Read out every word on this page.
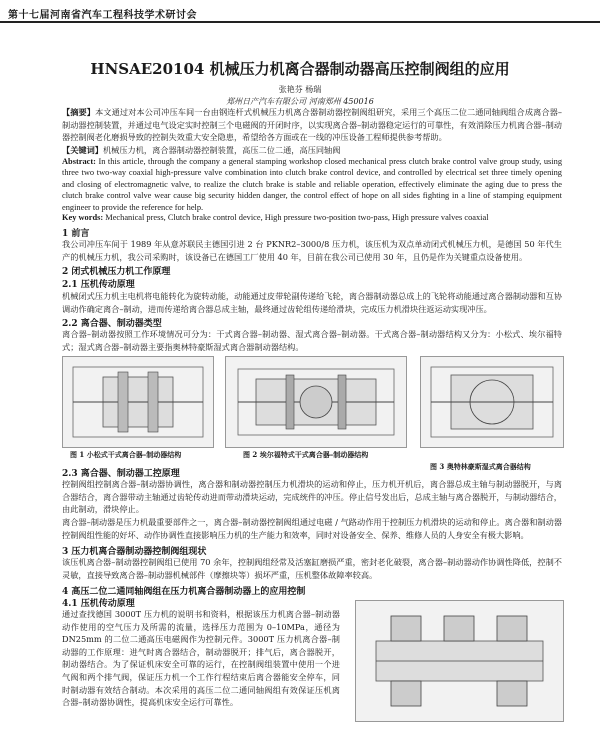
第十七届河南省汽车工程科技学术研讨会
HNSAE20104 机械压力机离合器制动器高压控制阀组的应用
张艳芬 杨瑞
郑州日产汽车有限公司 河南郑州 450016
【摘要】本文通过对本公司冲压车间一台由钢连杆式机械压力机离合器制动器控制阀组研究，采用三个高压二位二通同轴阀组合成离合器–制动器控制装置，并通过电气设定实时控制三个电磁阀的开闭时序，以实现离合器–制动器稳定运行的可靠性，有效消除压力机离合器–制动器控制阀老化磨损导致的控制失效重大安全隐患，希望给各方面或在一线的冲压设备工程师提供参考帮助。
【关键词】机械压力机，离合器制动器控制装置，高压二位二通，高压同轴阀
Abstract: In this article, through the company a general stamping workshop closed mechanical press clutch brake control valve group study, using three two two-way coaxial high-pressure valve combination into clutch brake control device, and controlled by electrical set three timely opening and closing of electromagnetic valve, to realize the clutch brake is stable and reliable operation, effectively eliminate the aging due to press the clutch brake control valve wear cause big security hidden danger, the control effect of hope on all sides fighting in a line of stamping equipment engineer to provide the reference for help.
Key words: Mechanical press, Clutch brake control device, High pressure two-position two-pass, High pressure valves coaxial
1 前言
我公司冲压车间于 1989 年从意苏联民主德国引进 2 台 PKNR2–3000/8 压力机，该压机为双点单动闭式机械压力机，是德国 50 年代生产的机械压力机，我公司采购时，该设备已在德国工厂使用 40 年，目前在我公司已使用 30 年，且仍是作为关键重点设备使用。
2 闭式机械压力机工作原理
2.1 压机传动原理
机械闭式压力机主电机将电能转化为旋转动能，动能通过皮带轮副传递给飞轮，离合器制动器总成上的飞轮将动能通过离合器制动器和互协调动作确定离合–制动，进而传递给离合器总成主轴，最终通过齿轮组传递给滑块，完成压力机滑块往返运动实现冲压。
2.2 离合器、制动器类型
离合器–制动器按照工作环境情况可分为：干式离合器–制动器、湿式离合器–制动器。干式离合器–制动器结构又分为：小松式、埃尔福特式；湿式离合器–制动器主要指奥林特豪斯湿式离合器制动器结构。
图 1 小松式干式离合器–制动器结构	图 2 埃尔福特式干式离合器–制动器结构
图 3 奥特林豪斯湿式离合器结构
2.3 离合器、制动器工控原理
控制阀组控制离合器–制动器协调性，离合器和制动器控制压力机滑块的运动和停止，压力机开机后，离合器总成主轴与制动器脱开，与离合器结合，离合器带动主轴通过齿轮传动进而带动滑块运动，完成统件的冲压。停止信号发出后，总成主轴与离合器脱开，与制动器结合，由此制动，滑块停止。
离合器–制动器是压力机最重要部件之一，离合器–制动器控制阀组通过电磁 / 气路动作用于控制压力机滑块的运动和停止。离合器和制动器控制阀组性能的好坏、动作协调性直接影响压力机的生产能力和效率，同时对设备安全、保养、维修人员的人身安全有极大影响。
3 压力机离合器制动器控制阀组现状
该压机离合器–制动器控制阀组已使用 70 余年，控制阀组经常及活塞缸磨损严重，密封老化破裂，离合器–制动器动作协调性降低，控制不灵敏，直接导致离合器–制动器机械部件（摩擦块等）损坏严重，压机整体故障率较高。
4 高压二位二通同轴阀组在压力机离合器制动器上的应用控制
4.1 压机传动原理
通过查找德国 3000T 压力机的说明书和资料，根据该压力机离合器–制动器动作使用的空气压力及所需的流量，选择压力范围为 0–10MPa，通径为 DN25mm 的二位二通高压电磁阀作为控制元件。3000T 压力机离合器–制动器的工作原理：进气时离合器结合，制动器脱开；排气后，离合器脱开，制动器结合。为了保证机床安全可靠的运行，在控制阀组装置中使用一个进气阀和两个排气阀，保证压力机一个工作行程结束后离合器能安全停车，同时制动器有效结合制动。本次采用的高压二位二通同轴阀组有效保证压机离合器–制动器协调性，提高机床安全运行可靠性。
